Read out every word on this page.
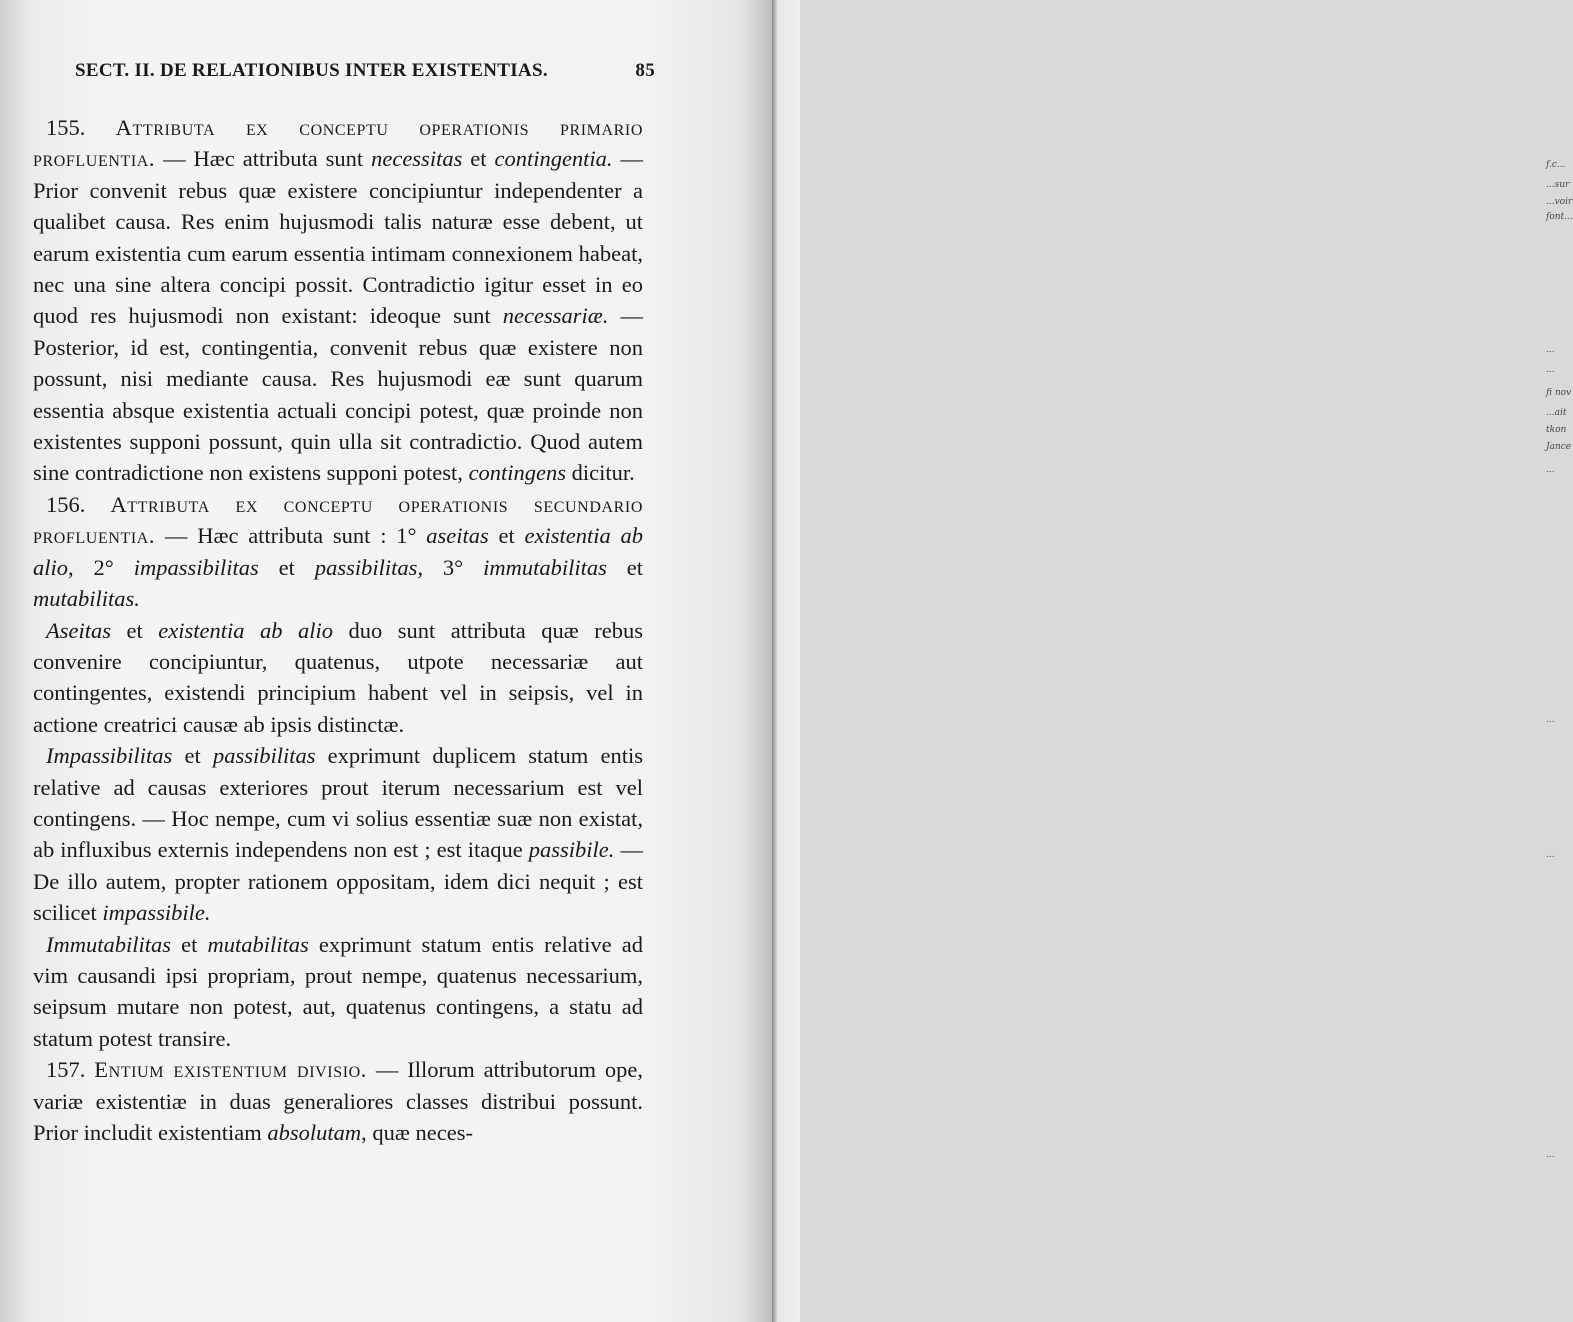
SECT. II. DE RELATIONIBUS INTER EXISTENTIAS.	85

155. Attributa ex conceptu operationis primario profluentia. — Hæc attributa sunt necessitas et contingentia. — Prior convenit rebus quæ existere concipiuntur independenter a qualibet causa. Res enim hujusmodi talis naturæ esse debent, ut earum existentia cum earum essentia intimam connexionem habeat, nec una sine altera concipi possit. Contradictio igitur esset in eo quod res hujusmodi non existant: ideoque sunt necessariæ. — Posterior, id est, contingentia, convenit rebus quæ existere non possunt, nisi mediante causa. Res hujusmodi eæ sunt quarum essentia absque existentia actuali concipi potest, quæ proinde non existentes supponi possunt, quin ulla sit contradictio. Quod autem sine contradictione non existens supponi potest, contingens dicitur.

156. Attributa ex conceptu operationis secundario profluentia. — Hæc attributa sunt : 1° aseitas et existentia ab alio, 2° impassibilitas et passibilitas, 3° immutabilitas et mutabilitas.

Aseitas et existentia ab alio duo sunt attributa quæ rebus convenire concipiuntur, quatenus, utpote necessariæ aut contingentes, existendi principium habent vel in seipsis, vel in actione creatrici causæ ab ipsis distinctæ.

Impassibilitas et passibilitas exprimunt duplicem statum entis relative ad causas exteriores prout iterum necessarium est vel contingens. — Hoc nempe, cum vi solius essentiæ suæ non existat, ab influxibus externis independens non est ; est itaque passibile. — De illo autem, propter rationem oppositam, idem dici nequit ; est scilicet impassibile.

Immutabilitas et mutabilitas exprimunt statum entis relative ad vim causandi ipsi propriam, prout nempe, quatenus necessarium, seipsum mutare non potest, aut, quatenus contingens, a statu ad statum potest transire.

157. Entium existentium divisio. — Illorum attributorum ope, variæ existentiæ in duas generaliores classes distribui possunt. Prior includit existentiam absolutam, quæ neces-

f.c...
...sur
...voir
font...
...
...
fi nov
...ait
tkon
Jance
...
...
...
...
